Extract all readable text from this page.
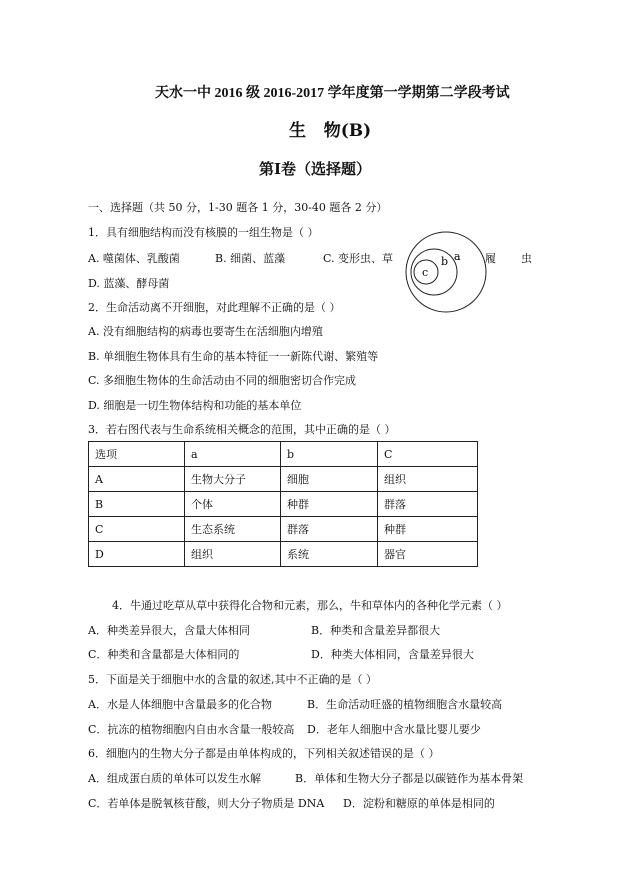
天水一中 2016 级 2016-2017 学年度第一学期第二学段考试
生   物(B)
第Ⅰ卷（选择题）
一、选择题（共 50 分，1-30 题各 1 分，30-40 题各 2 分）
1．具有细胞结构而没有核膜的一组生物是（ ）
A. 噬菌体、乳酸菌	B. 细菌、蓝藻	C. 变形虫、草	履 虫
D. 蓝藻、酵母菌
a
b
c
2．生命活动离不开细胞，对此理解不正确的是（ ）
A. 没有细胞结构的病毒也要寄生在活细胞内增殖
B. 单细胞生物体具有生命的基本特征一一新陈代谢、繁殖等
C. 多细胞生物体的生命活动由不同的细胞密切合作完成
D. 细胞是一切生物体结构和功能的基本单位
3．若右图代表与生命系统相关概念的范围，其中正确的是（ ）
选项	a	b	C
A	生物大分子	细胞	组织
B	个体	种群	群落
C	生态系统	群落	种群
D	组织	系统	器官
4．牛通过吃草从草中获得化合物和元素，那么，牛和草体内的各种化学元素（ ）
A．种类差异很大，含量大体相同	B．种类和含量差异都很大
C．种类和含量都是大体相同的	D．种类大体相同，含量差异很大
5．下面是关于细胞中水的含量的叙述,其中不正确的是（ ）
A．水是人体细胞中含量最多的化合物	B．生命活动旺盛的植物细胞含水量较高
C．抗冻的植物细胞内自由水含量一般较高 D．老年人细胞中含水量比婴儿要少
6．细胞内的生物大分子都是由单体构成的，下列相关叙述错误的是（ ）
A．组成蛋白质的单体可以发生水解	B．单体和生物大分子都是以碳链作为基本骨架
C．若单体是脱氧核苷酸，则大分子物质是 DNA D．淀粉和糖原的单体是相同的
